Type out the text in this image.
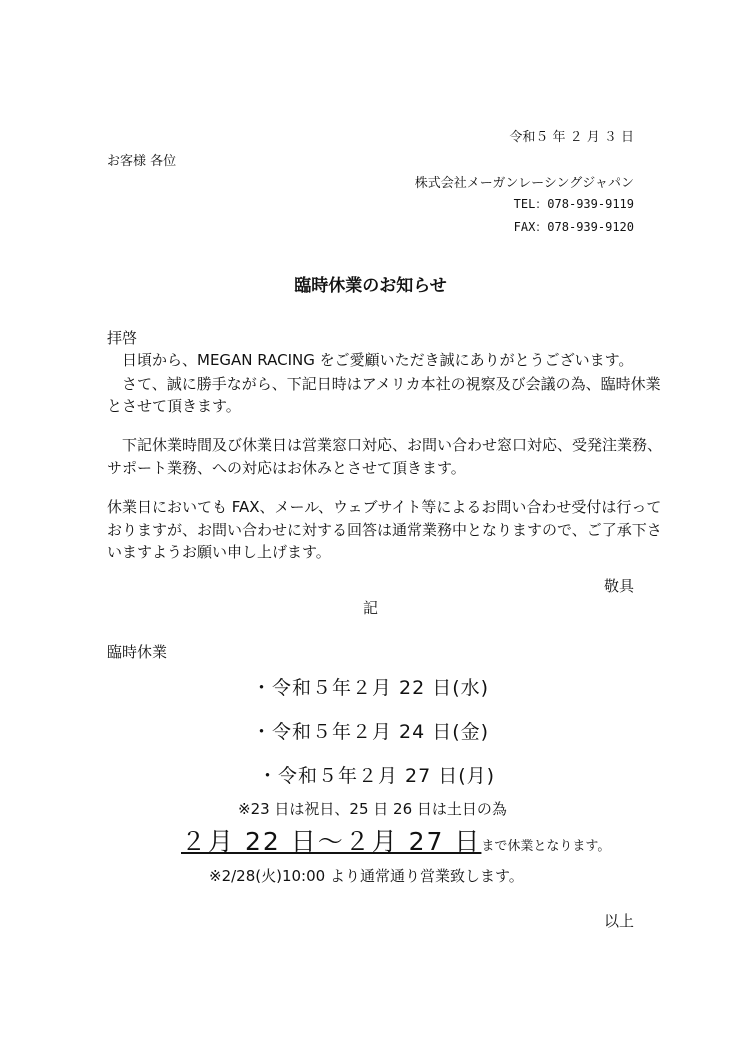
令和５ 年 ２ 月 ３ 日
お客様 各位
株式会社メーガンレーシングジャパン
TEL：078-939-9119
FAX：078-939-9120
臨時休業のお知らせ
拝啓
日頃から、MEGAN RACING をご愛顧いただき誠にありがとうございます。
さて、誠に勝手ながら、下記日時はアメリカ本社の視察及び会議の為、臨時休業
とさせて頂きます。
下記休業時間及び休業日は営業窓口対応、お問い合わせ窓口対応、受発注業務、
サポート業務、への対応はお休みとさせて頂きます。
休業日においても FAX、メール、ウェブサイト等によるお問い合わせ受付は行って
おりますが、お問い合わせに対する回答は通常業務中となりますので、ご了承下さ
いますようお願い申し上げます。
敬具
記
臨時休業
・令和５年２月 22 日(水)
・令和５年２月 24 日(金)
・令和５年２月 27 日(月)
※23 日は祝日、25 日 26 日は土日の為
２月 22 日～２月 27 日まで休業となります。
※2/28(火)10:00 より通常通り営業致します。
以上
